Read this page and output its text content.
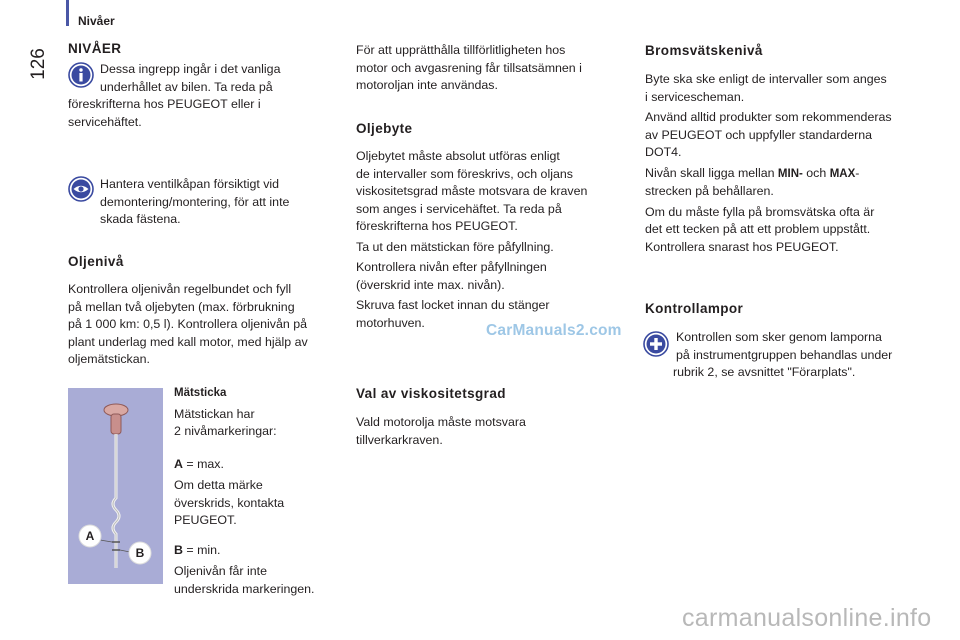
Nivåer
126	NIVÅER
Dessa ingrepp ingår i det vanliga
underhållet av bilen. Ta reda på
föreskrifterna hos PEUGEOT eller i
servicehäftet.
Hantera ventilkåpan försiktigt vid
demontering/montering, för att inte
skada fästena.
Oljenivå
Kontrollera oljenivån regelbundet och fyll
på mellan två oljebyten (max. förbrukning
på 1 000 km: 0,5 l). Kontrollera oljenivån på
plant underlag med kall motor, med hjälp av
oljemätstickan.
A
B
Mätsticka
Mätstickan har
2 nivåmarkeringar:
A = max.
Om detta märke
överskrids, kontakta
PEUGEOT.
B = min.
Oljenivån får inte
underskrida markeringen.
För att upprätthålla tillförlitligheten hos
motor och avgasrening får tillsatsämnen i
motoroljan inte användas.
Oljebyte
Oljebytet måste absolut utföras enligt
de intervaller som föreskrivs, och oljans
viskositetsgrad måste motsvara de kraven
som anges i servicehäftet. Ta reda på
föreskrifterna hos PEUGEOT.
Ta ut den mätstickan före påfyllning.
Kontrollera nivån efter påfyllningen
(överskrid inte max. nivån).
Skruva fast locket innan du stänger
motorhuven.	CarManuals2.com
Val av viskositetsgrad
Vald motorolja måste motsvara
tillverkarkraven.
Bromsvätskenivå
Byte ska ske enligt de intervaller som anges
i servicescheman.
Använd alltid produkter som rekommenderas
av PEUGEOT och uppfyller standarderna
DOT4.
Nivån skall ligga mellan MIN- och MAX-
strecken på behållaren.
Om du måste fylla på bromsvätska ofta är
det ett tecken på att ett problem uppstått.
Kontrollera snarast hos PEUGEOT.
Kontrollampor
Kontrollen som sker genom lamporna
på instrumentgruppen behandlas under
rubrik 2, se avsnittet "Förarplats".
carmanualsonline.info
